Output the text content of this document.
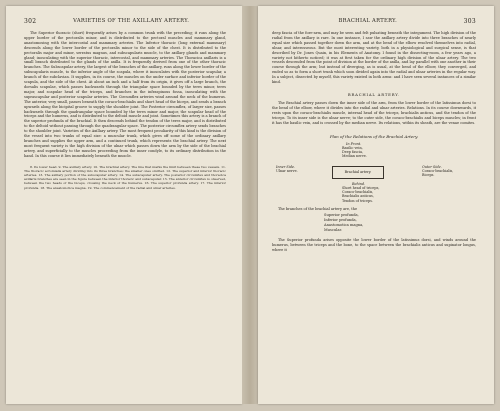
302	VARIETIES OF THE AXILLARY ARTERY.
The Superior thoracic (short) frequently arises by a common trunk with the preceding; it runs along the upper border of the pectoralis minor, and is distributed to the pectoral muscles and mammary gland, anastomosing with the intercostal and mammary arteries. The Inferior thoracic (long external mammary) descends along the lower border of the pectoralis minor to the side of the chest. It is distributed to the pectoralis major and minor, serratus magnus, and subscapularis muscle, to the axillary glands and mammary gland; inosculating with the superior thoracic, intercostal, and mammary arteries. The Thoracica axillaris is a small branch distributed to the glands of the axilla. It is frequently derived from one of the other thoracic branches. The Subscapular artery, the largest of the branches of the axillary, runs along the lower border of the subscapularis muscle, to the inferior angle of the scapula, where it inosculates with the posterior scapular, a branch of the subclavian. It supplies, in its course, the muscles on the under surface and inferior border of the scapula, and the side of the chest. At about an inch and a half from its origin, it gives off a large branch, the dorsalis scapulae, which passes backwards through the triangular space bounded by the teres minor, teres major, and scapular head of the triceps, and branches in the infraspinous fossa, inosculating with the suprascapular and posterior scapular arteries. The Circumflex arteries wind around the neck of the humerus. The anterior, very small, passes beneath the coraco-brachialis and short head of the biceps, and sends a branch upwards along the bicipital groove to supply the shoulder joint. The Posterior circumflex, of larger size, passes backwards through the quadrangular space bounded by the teres minor and major, the scapular head of the triceps and the humerus, and is distributed to the deltoid muscle and joint. Sometimes this artery is a branch of the superior profunda of the brachial. It then descends behind the tendon of the teres major, and is distributed to the deltoid without passing through the quadrangular space. The posterior circumflex artery sends branches to the shoulder joint. Varieties of the Axillary artery. The most frequent peculiarity of this kind is the division of the vessel into two trunks of equal size: a muscular trunk, which gives off some of the ordinary axillary branches and supplies the upper arm, and a continued trunk, which represents the brachial artery. The next most frequent variety is the high division of the ulnar which passes down the arm by the side of the brachial artery, and superficially to the muscles proceeding from the inner condyle, to its ordinary distribution in the hand. In this course it lies immediately beneath the muscle.
8. Its lower head. 9. The axillary artery. 10. The brachial artery. The line that marks the limit between these two vessels. 11. The thoracic acromialis artery dividing into its three branches; the smaller ones omitted. 12. The superior and inferior thoracic arteries. 13. The axillary portion of the subscapular artery. 14. The subscapular artery. The posterior circumflex and thoracica axillaris branches are seen in the figure between the inferior thoracic and subscapular. 15. The anterior circumflex is observed, between the two heads of the biceps, crossing the neck of the humerus. 16. The superior profunda artery. 17. The inferior profunda. 18. The anastomotica magna. 19. The commencement of the radial and ulnar arteries.
BRACHIAL ARTERY.	303
deep fascia of the fore-arm, and may be seen and felt pulsating beneath the integument. The high division of the radial from the axillary is rare. In one instance, I saw the axillary artery divide into three branches of nearly equal size which passed together down the arm, and at the bend of the elbow resolved themselves into radial, ulnar, and interosseous. But the most interesting variety, both in a physiological and surgical sense, is that described by Dr. Jones Quain, in his Elements of Anatomy. I found in the dissecting-room, a few years ago, a variety not hitherto noticed; it was at first taken for the ordinary high division of the ulnar artery. The two vessels descended from the point of division at the border of the axilla, and lay parallel with one another in their course through the arm; but instead of diverging, as is usual, at the bend of the elbow, they converged, and ended so as to form a short trunk which soon divided again into the radial and ulnar arteries in the regular way. In a subject, dissected by myself, this variety existed in both arms: and I have seen several instances of a similar kind.
BRACHIAL ARTERY.
The Brachial artery passes down the inner side of the arm, from the lower border of the latissimus dorsi to the bend of the elbow, where it divides into the radial and ulnar arteries. Relations. In its course downwards, it rests upon the coraco-brachialis muscle, internal head of the triceps, brachialis anticus, and the tendon of the triceps. To its inner side is the ulnar nerve; to the outer side, the coraco-brachialis and biceps muscles; in front it has the basilic vein, and is crossed by the median nerve. Its relations, within its sheath, are the venae comites.
Plan of the Relations of the Brachial Artery.
In Front.
Basilic vein,
Deep fascia,
Median nerve.
Inner Side.
Ulnar nerve.	Brachial artery.
Outer Side.
Coraco-brachialis,
Biceps.
Behind.
Short head of triceps,
Coraco-brachialis,
Brachialis anticus,
Tendon of triceps.
The branches of the brachial artery are, the
Superior profunda,
Inferior profunda,
Anastomotica magna,
Muscular.
The Superior profunda arises opposite the lower border of the latissimus dorsi, and winds around the humerus, between the triceps and the bone, to the space between the brachialis anticus and supinator longus, where it
